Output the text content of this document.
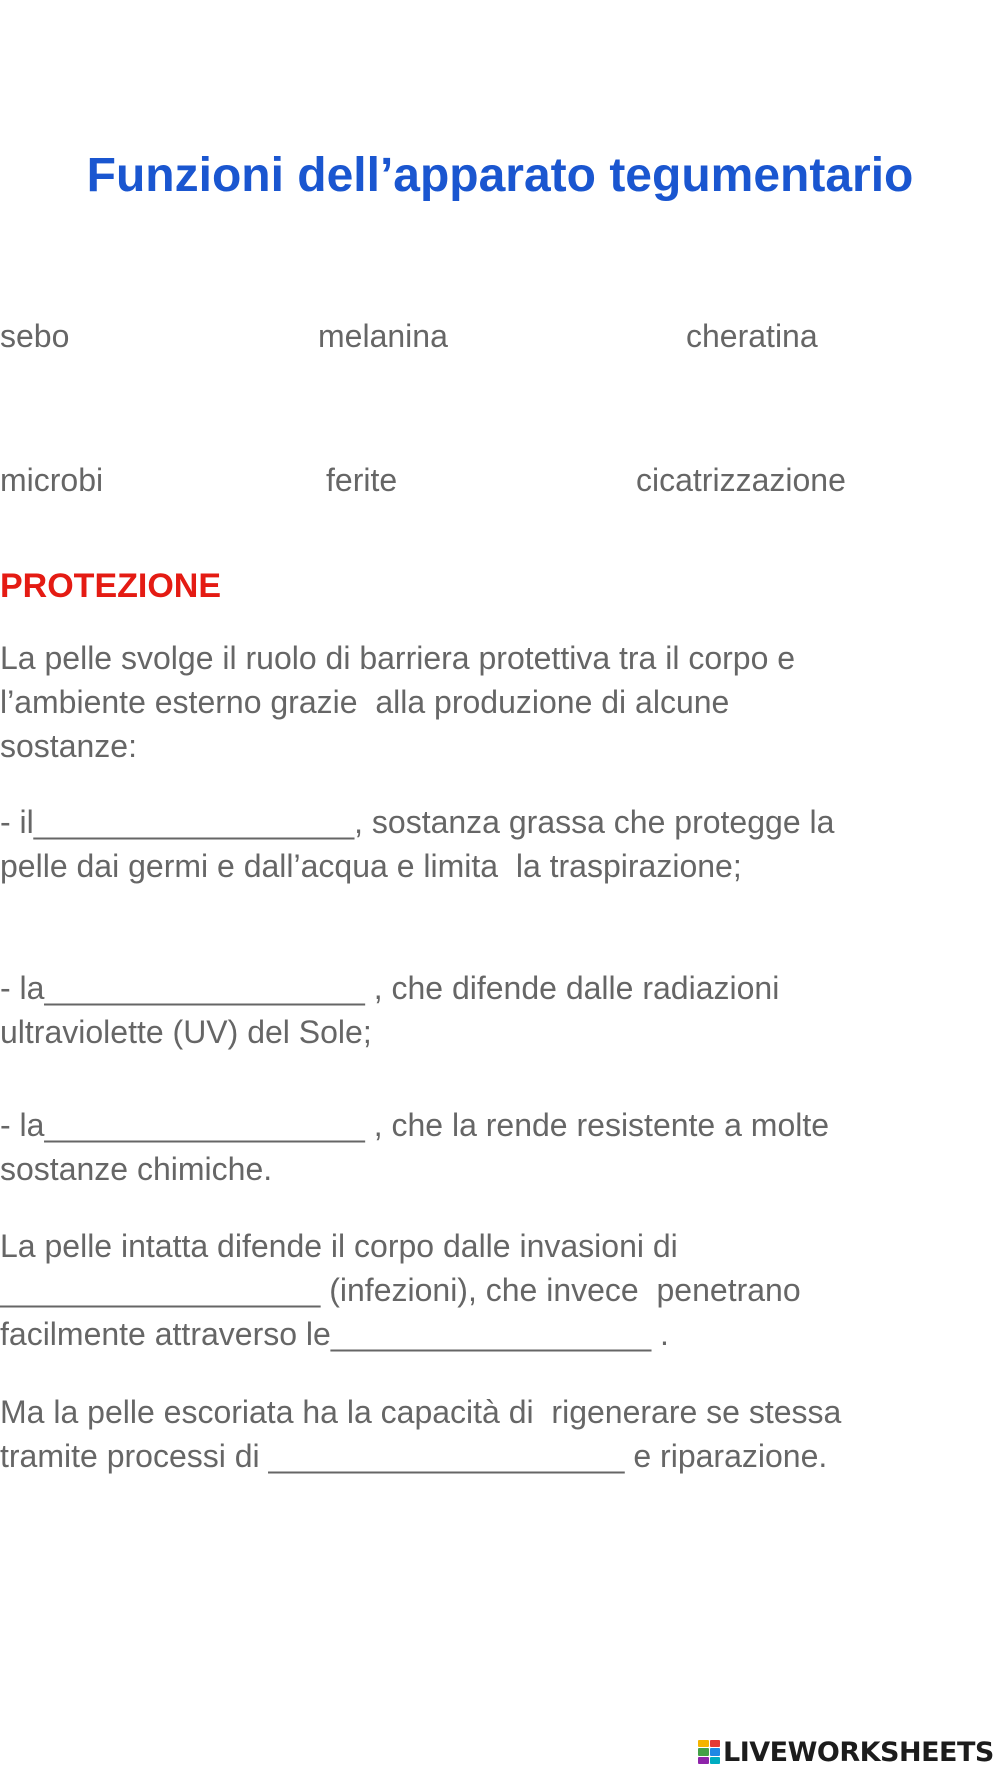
Funzioni dell’apparato tegumentario
sebo	melanina	cheratina
microbi	ferite	cicatrizzazione
PROTEZIONE

La pelle svolge il ruolo di barriera protettiva tra il corpo e
l’ambiente esterno grazie  alla produzione di alcune
sostanze:

- il__________________, sostanza grassa che protegge la
pelle dai germi e dall’acqua e limita  la traspirazione;

- la__________________ , che difende dalle radiazioni
ultraviolette (UV) del Sole;

- la__________________ , che la rende resistente a molte
sostanze chimiche.

La pelle intatta difende il corpo dalle invasioni di
__________________ (infezioni), che invece  penetrano
facilmente attraverso le__________________ .

Ma la pelle escoriata ha la capacità di  rigenerare se stessa
tramite processi di ____________________ e riparazione.

LIVEWORKSHEETS
